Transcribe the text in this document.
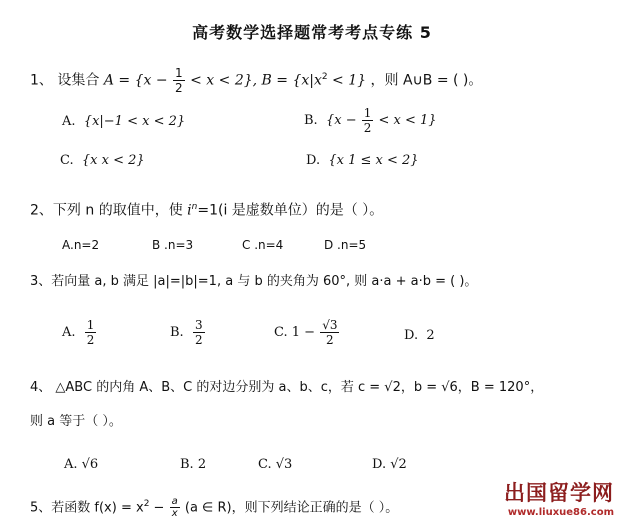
高考数学选择题常考考点专练 5
1、 设集合 $A = \{x - \frac{1}{2} < x < 2\}$, $B = \{x|x^2 < 1\}$ ，则 A∪B = ( )。
A. {x|−1 < x < 2}	B. $\{x - \frac{1}{2} < x < 1\}$
C. {x x < 2}	D. {x 1 ≤ x < 2}
2、下列 n 的取值中，使 $i^n=1(i$ 是虚数单位）的是（ ）。
A.n=2	B .n=3	C .n=4	D .n=5
3、若向量 a, b 满足 |a|=|b|=1, a 与 b 的夹角为 60°, 则 a·a + a·b = ( )。
A. $\frac{1}{2}$	B. $\frac{3}{2}$	C. $1 - \frac{√3}{2}$	D. 2
4、 △ABC 的内角 A、B、C 的对边分别为 a、b、c，若 c = √2，b = √6，B = 120°，
则 a 等于（ ）。
A. √6	B. 2	C. √3	D. √2
5、若函数 $f(x) = x^2 - \frac{a}{x} (a$ ∈ R)，则下列结论正确的是（ ）。
出国留学网
www.liuxue86.com
